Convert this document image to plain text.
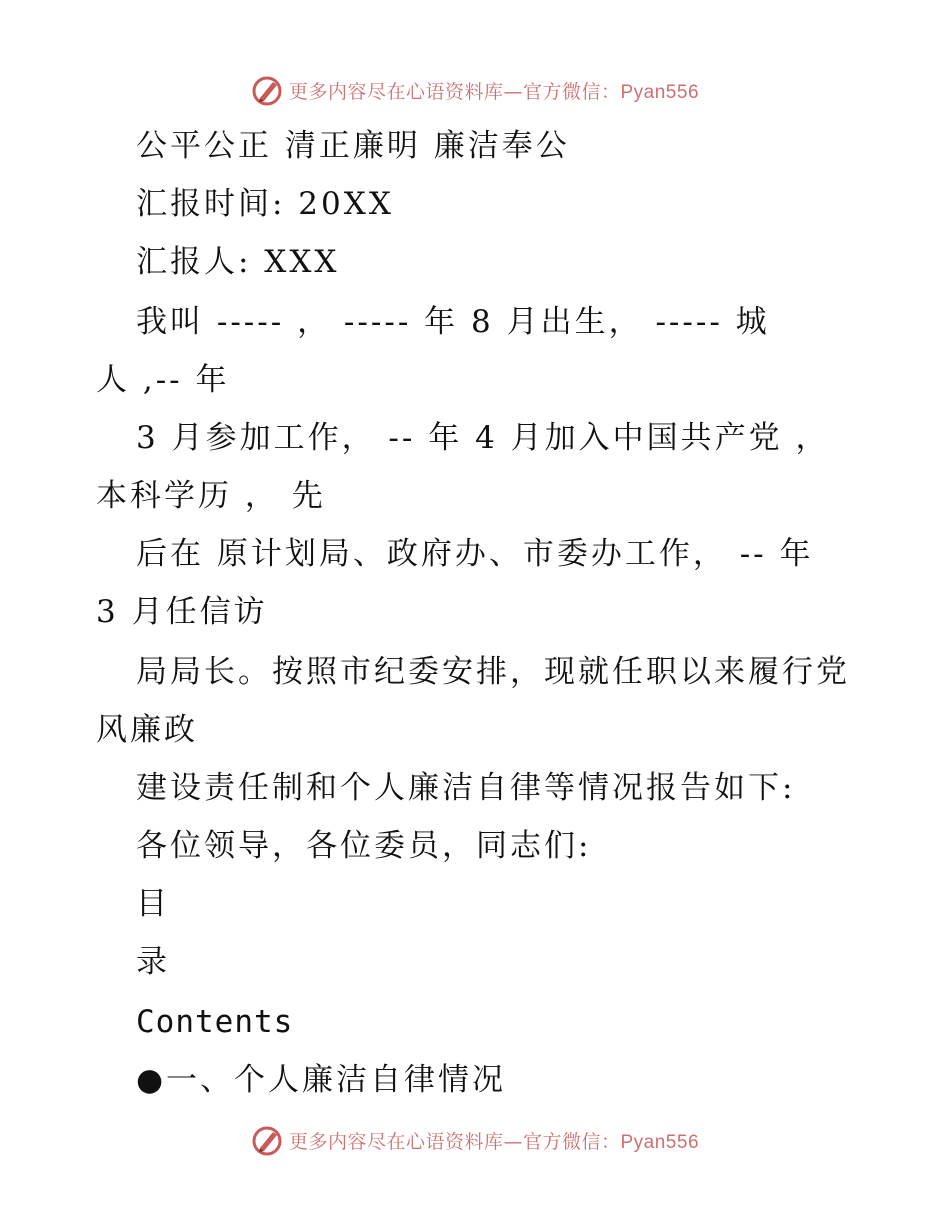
更多内容尽在心语资料库—官方微信：Pyan556
公平公正 清正廉明 廉洁奉公
汇报时间: 20XX
汇报人: XXX
我叫 ----- ， ----- 年 8 月出生， ----- 城
人 ,-- 年
3 月参加工作， -- 年 4 月加入中国共产党 ，
本科学历 ， 先
后在 原计划局、政府办、市委办工作， -- 年
3 月任信访
局局长。按照市纪委安排，现就任职以来履行党
风廉政
建设责任制和个人廉洁自律等情况报告如下:
各位领导，各位委员，同志们:
目
录
Contents
●一、个人廉洁自律情况
更多内容尽在心语资料库—官方微信：Pyan556
